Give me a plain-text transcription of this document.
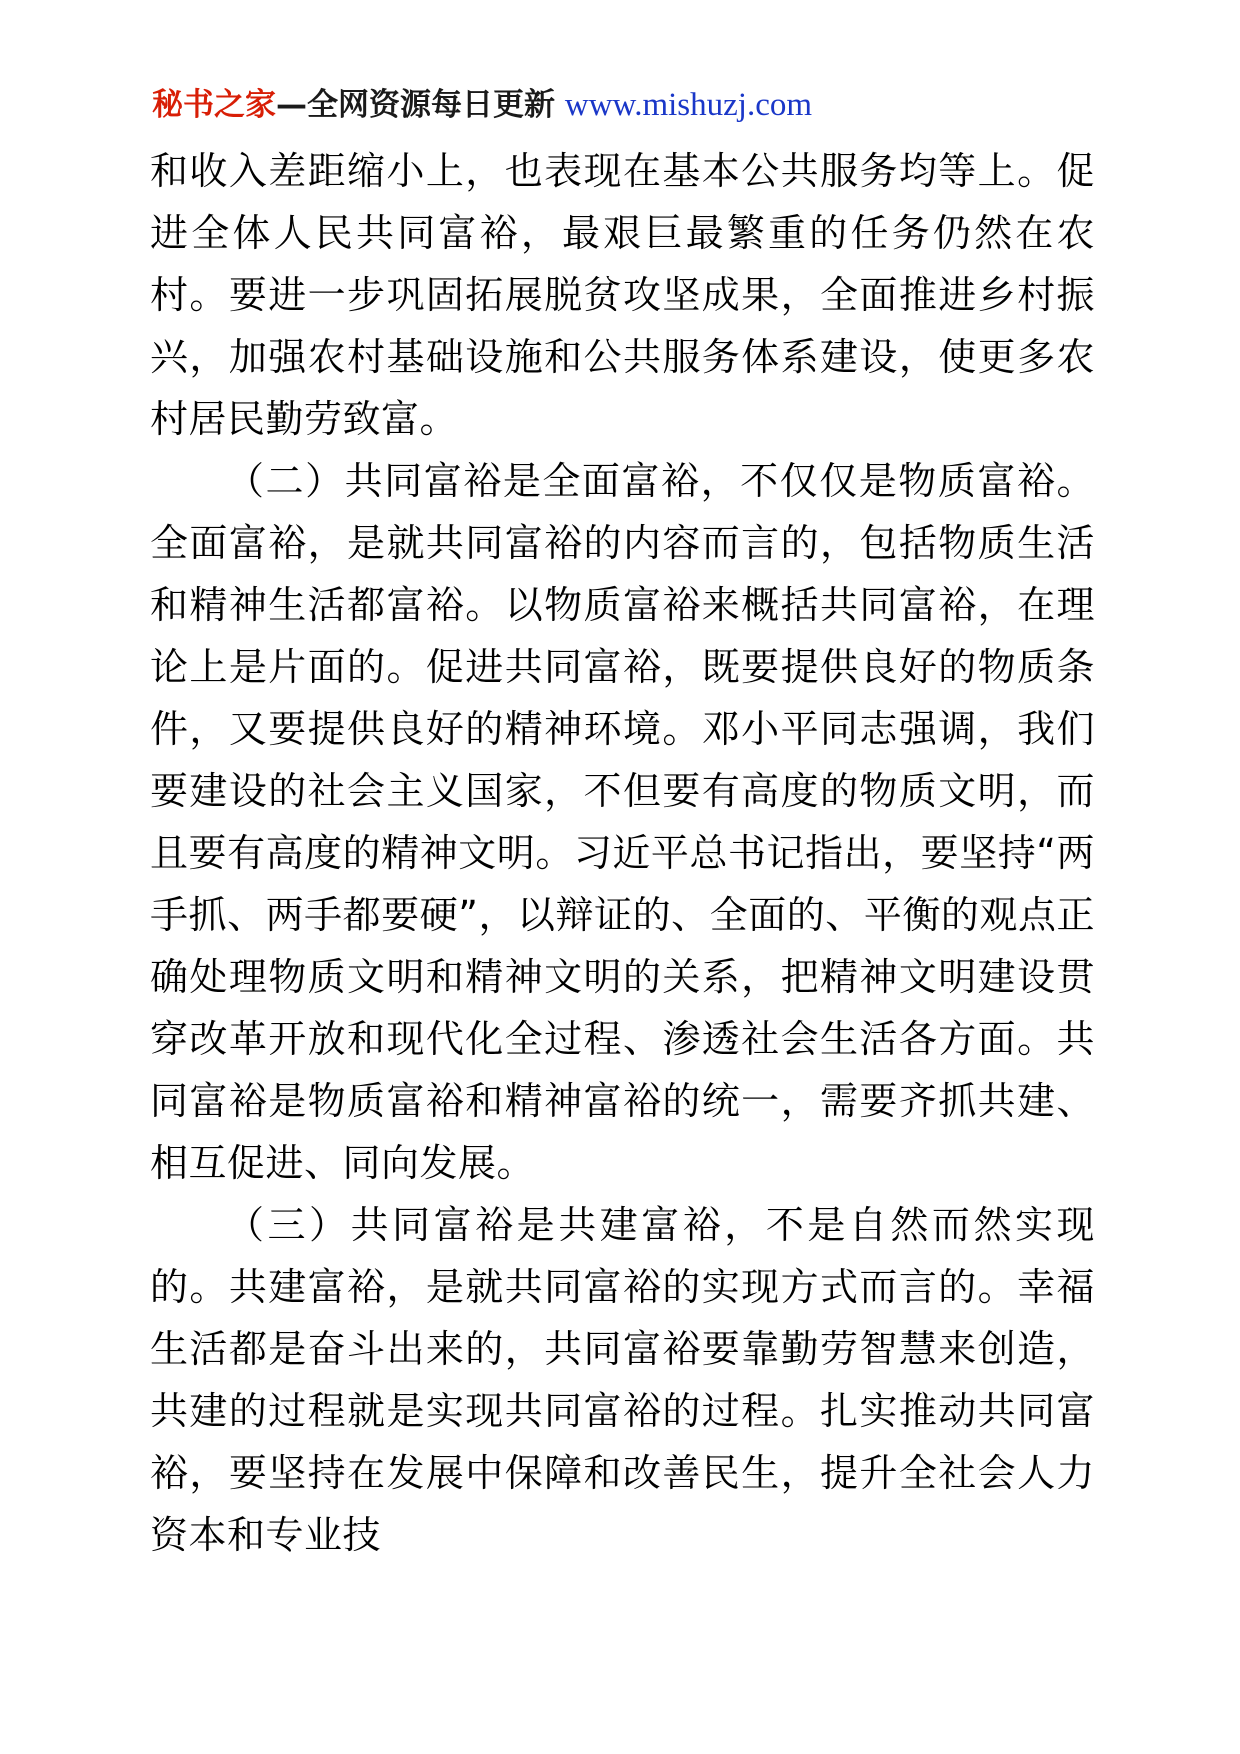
秘书之家—全网资源每日更新 www.mishuzj.com

和收入差距缩小上，也表现在基本公共服务均等上。促进全体人民共同富裕，最艰巨最繁重的任务仍然在农村。要进一步巩固拓展脱贫攻坚成果，全面推进乡村振兴，加强农村基础设施和公共服务体系建设，使更多农村居民勤劳致富。

（二）共同富裕是全面富裕，不仅仅是物质富裕。全面富裕，是就共同富裕的内容而言的，包括物质生活和精神生活都富裕。以物质富裕来概括共同富裕，在理论上是片面的。促进共同富裕，既要提供良好的物质条件，又要提供良好的精神环境。邓小平同志强调，我们要建设的社会主义国家，不但要有高度的物质文明，而且要有高度的精神文明。习近平总书记指出，要坚持“两手抓、两手都要硬”，以辩证的、全面的、平衡的观点正确处理物质文明和精神文明的关系，把精神文明建设贯穿改革开放和现代化全过程、渗透社会生活各方面。共同富裕是物质富裕和精神富裕的统一，需要齐抓共建、相互促进、同向发展。

（三）共同富裕是共建富裕，不是自然而然实现的。共建富裕，是就共同富裕的实现方式而言的。幸福生活都是奋斗出来的，共同富裕要靠勤劳智慧来创造，共建的过程就是实现共同富裕的过程。扎实推动共同富裕，要坚持在发展中保障和改善民生，提升全社会人力资本和专业技
